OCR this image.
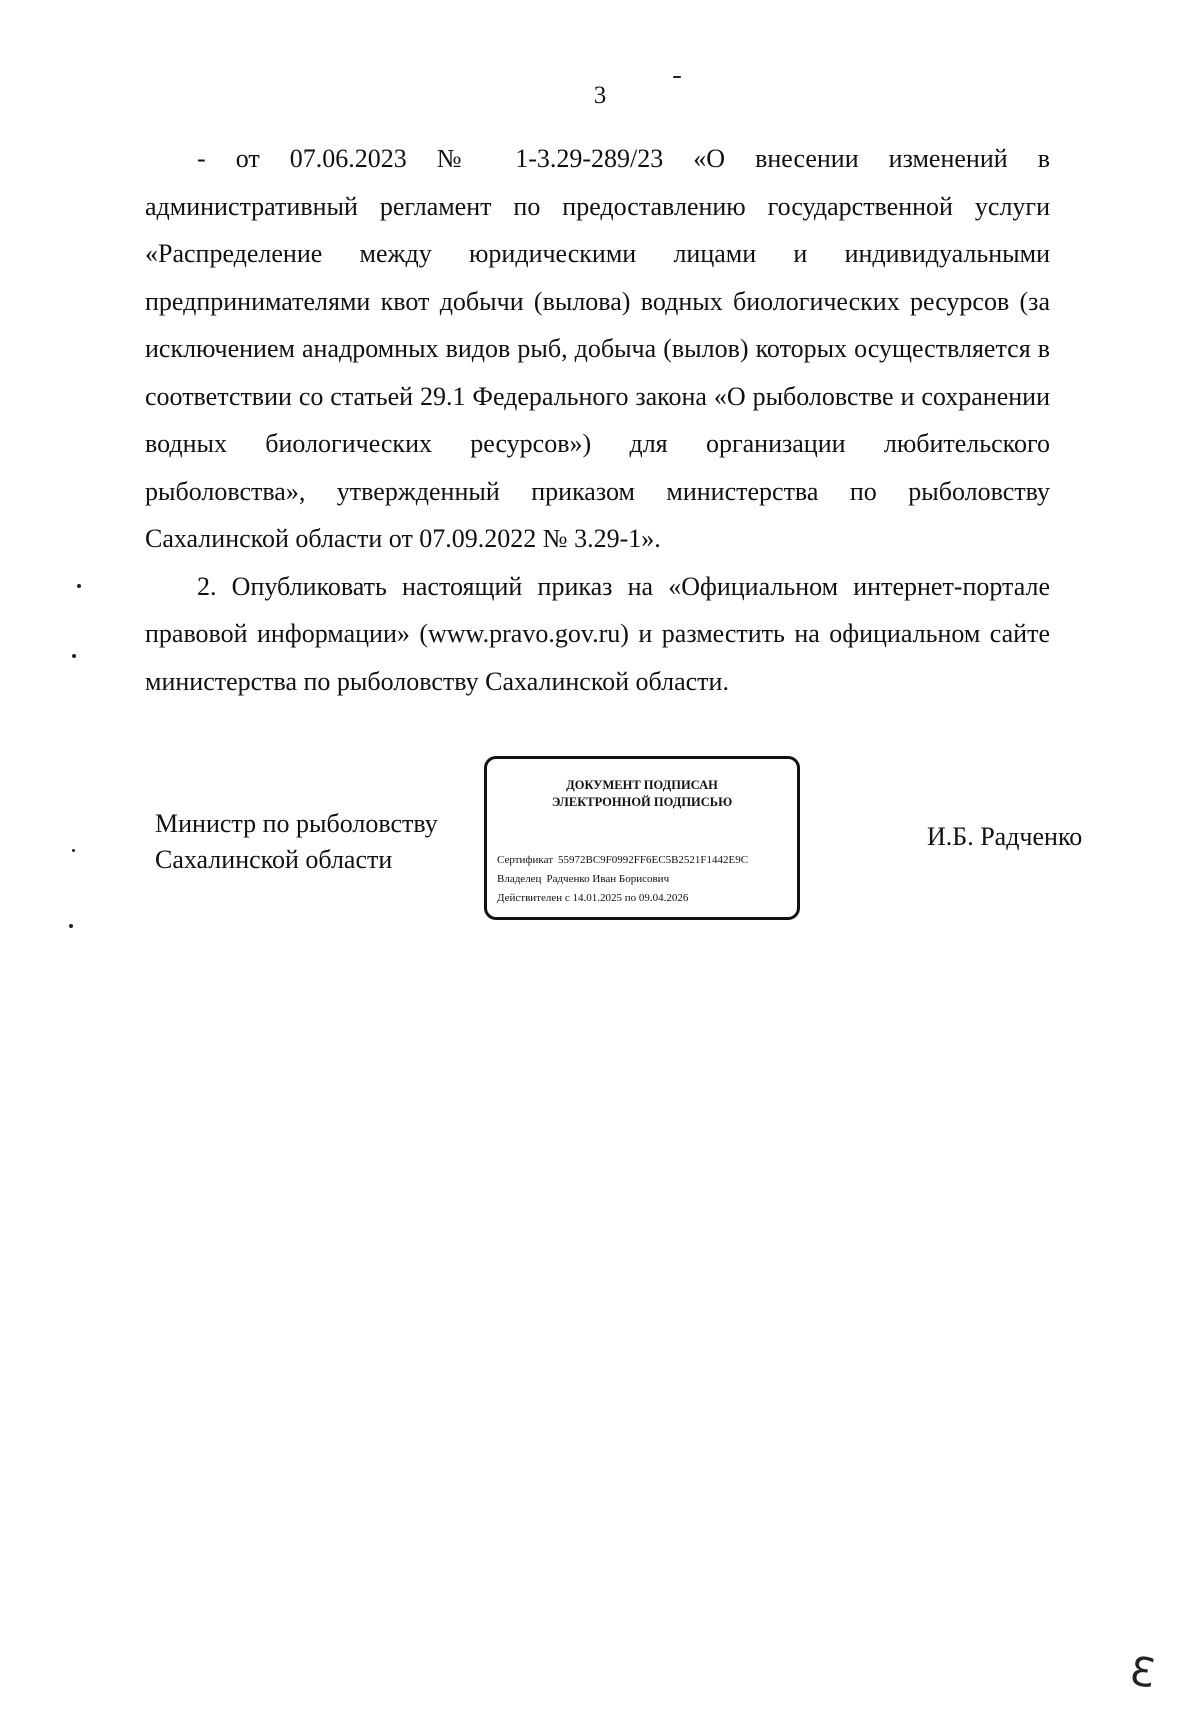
3

- от 07.06.2023 № 1-3.29-289/23 «О внесении изменений в административный регламент по предоставлению государственной услуги «Распределение между юридическими лицами и индивидуальными предпринимателями квот добычи (вылова) водных биологических ресурсов (за исключением анадромных видов рыб, добыча (вылов) которых осуществляется в соответствии со статьей 29.1 Федерального закона «О рыболовстве и сохранении водных биологических ресурсов») для организации любительского рыболовства», утвержденный приказом министерства по рыболовству Сахалинской области от 07.09.2022 № 3.29-1».

2. Опубликовать настоящий приказ на «Официальном интернет-портале правовой информации» (www.pravo.gov.ru) и разместить на официальном сайте министерства по рыболовству Сахалинской области.

Министр по рыболовству
Сахалинской области
ДОКУМЕНТ ПОДПИСАН
ЭЛЕКТРОННОЙ ПОДПИСЬЮ
Сертификат 55972BC9F0992FF6EC5B2521F1442E9C
Владелец Радченко Иван Борисович
Действителен с 14.01.2025 по 09.04.2026
И.Б. Радченко
3
